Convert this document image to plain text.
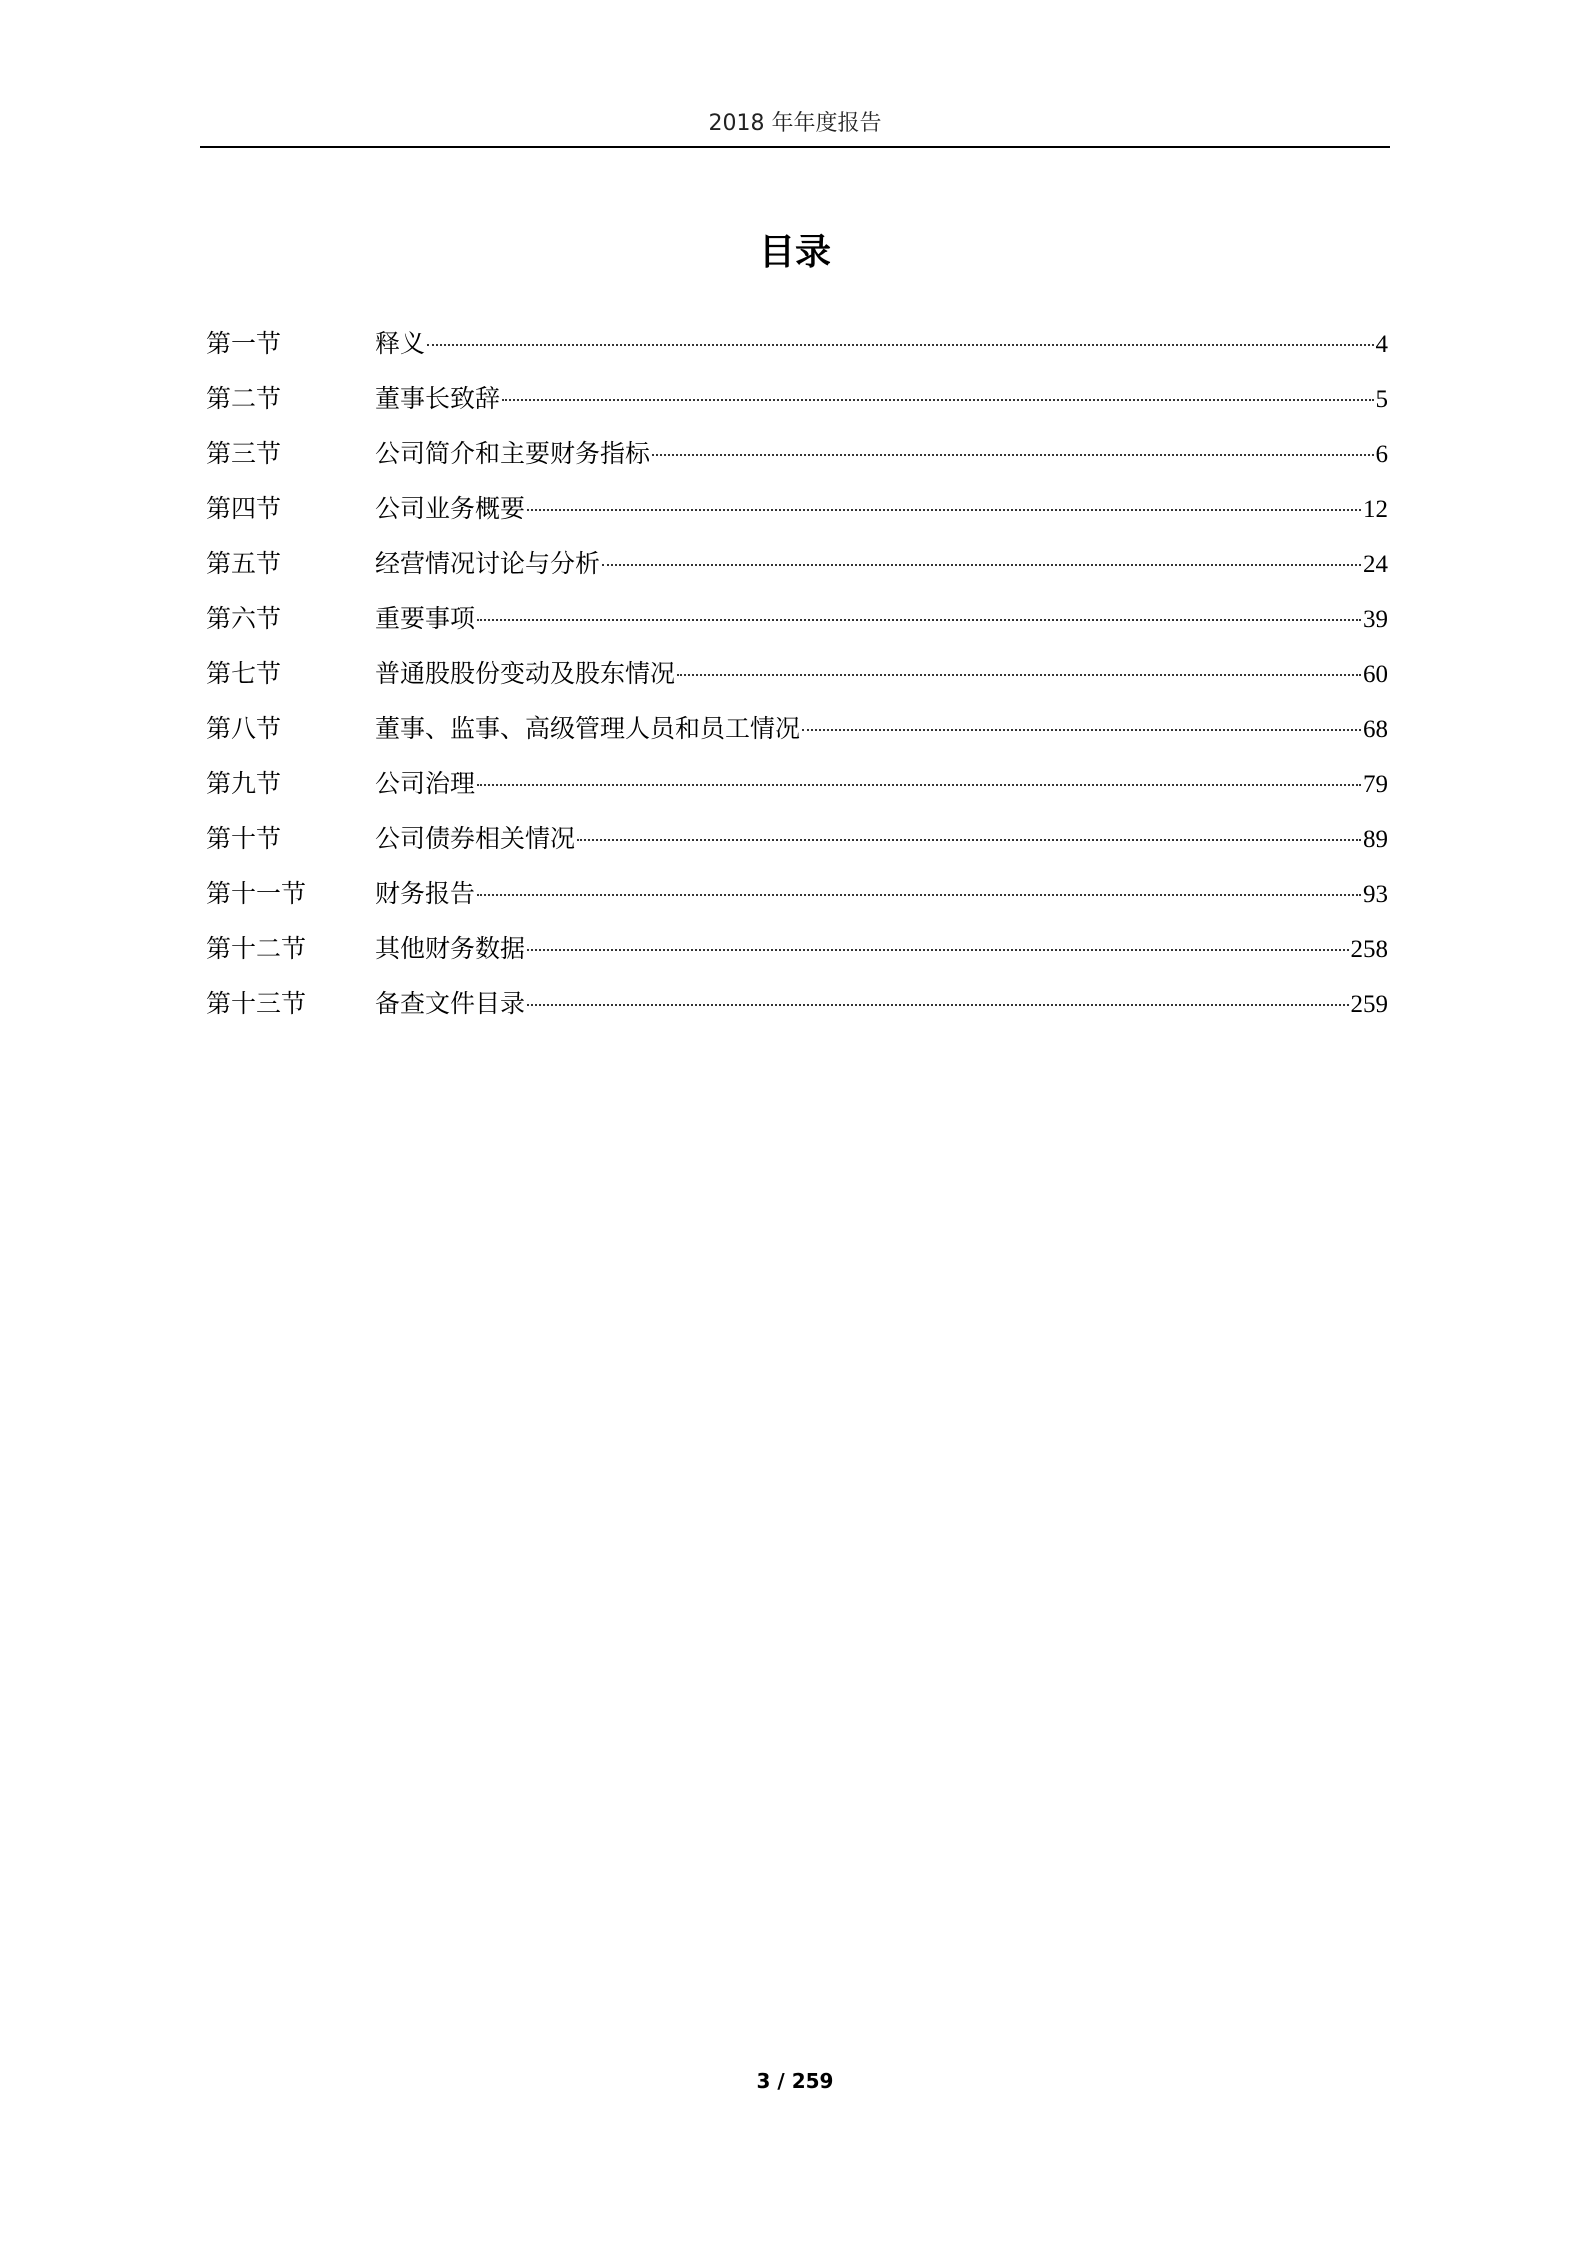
2018 年年度报告
目录
第一节	释义	4
第二节	董事长致辞	5
第三节	公司简介和主要财务指标	6
第四节	公司业务概要	12
第五节	经营情况讨论与分析	24
第六节	重要事项	39
第七节	普通股股份变动及股东情况	60
第八节	董事、监事、高级管理人员和员工情况	68
第九节	公司治理	79
第十节	公司债券相关情况	89
第十一节	财务报告	93
第十二节	其他财务数据	258
第十三节	备查文件目录	259
3 / 259
